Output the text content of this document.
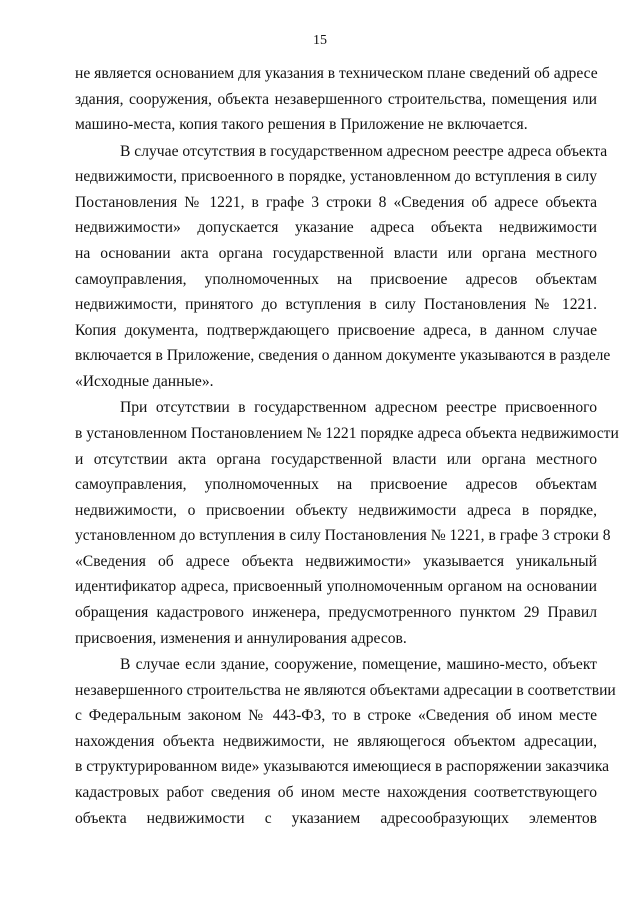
15
не является основанием для указания в техническом плане сведений об адресе
здания, сооружения, объекта незавершенного строительства, помещения или
машино-места, копия такого решения в Приложение не включается.
В случае отсутствия в государственном адресном реестре адреса объекта
недвижимости, присвоенного в порядке, установленном до вступления в силу
Постановления № 1221, в графе 3 строки 8 «Сведения об адресе объекта
недвижимости» допускается указание адреса объекта недвижимости
на основании акта органа государственной власти или органа местного
самоуправления, уполномоченных на присвоение адресов объектам
недвижимости, принятого до вступления в силу Постановления № 1221.
Копия документа, подтверждающего присвоение адреса, в данном случае
включается в Приложение, сведения о данном документе указываются в разделе
«Исходные данные».
При отсутствии в государственном адресном реестре присвоенного
в установленном Постановлением № 1221 порядке адреса объекта недвижимости
и отсутствии акта органа государственной власти или органа местного
самоуправления, уполномоченных на присвоение адресов объектам
недвижимости, о присвоении объекту недвижимости адреса в порядке,
установленном до вступления в силу Постановления № 1221, в графе 3 строки 8
«Сведения об адресе объекта недвижимости» указывается уникальный
идентификатор адреса, присвоенный уполномоченным органом на основании
обращения кадастрового инженера, предусмотренного пунктом 29 Правил
присвоения, изменения и аннулирования адресов.
В случае если здание, сооружение, помещение, машино-место, объект
незавершенного строительства не являются объектами адресации в соответствии
с Федеральным законом № 443-ФЗ, то в строке «Сведения об ином месте
нахождения объекта недвижимости, не являющегося объектом адресации,
в структурированном виде» указываются имеющиеся в распоряжении заказчика
кадастровых работ сведения об ином месте нахождения соответствующего
объекта недвижимости с указанием адресообразующих элементов
